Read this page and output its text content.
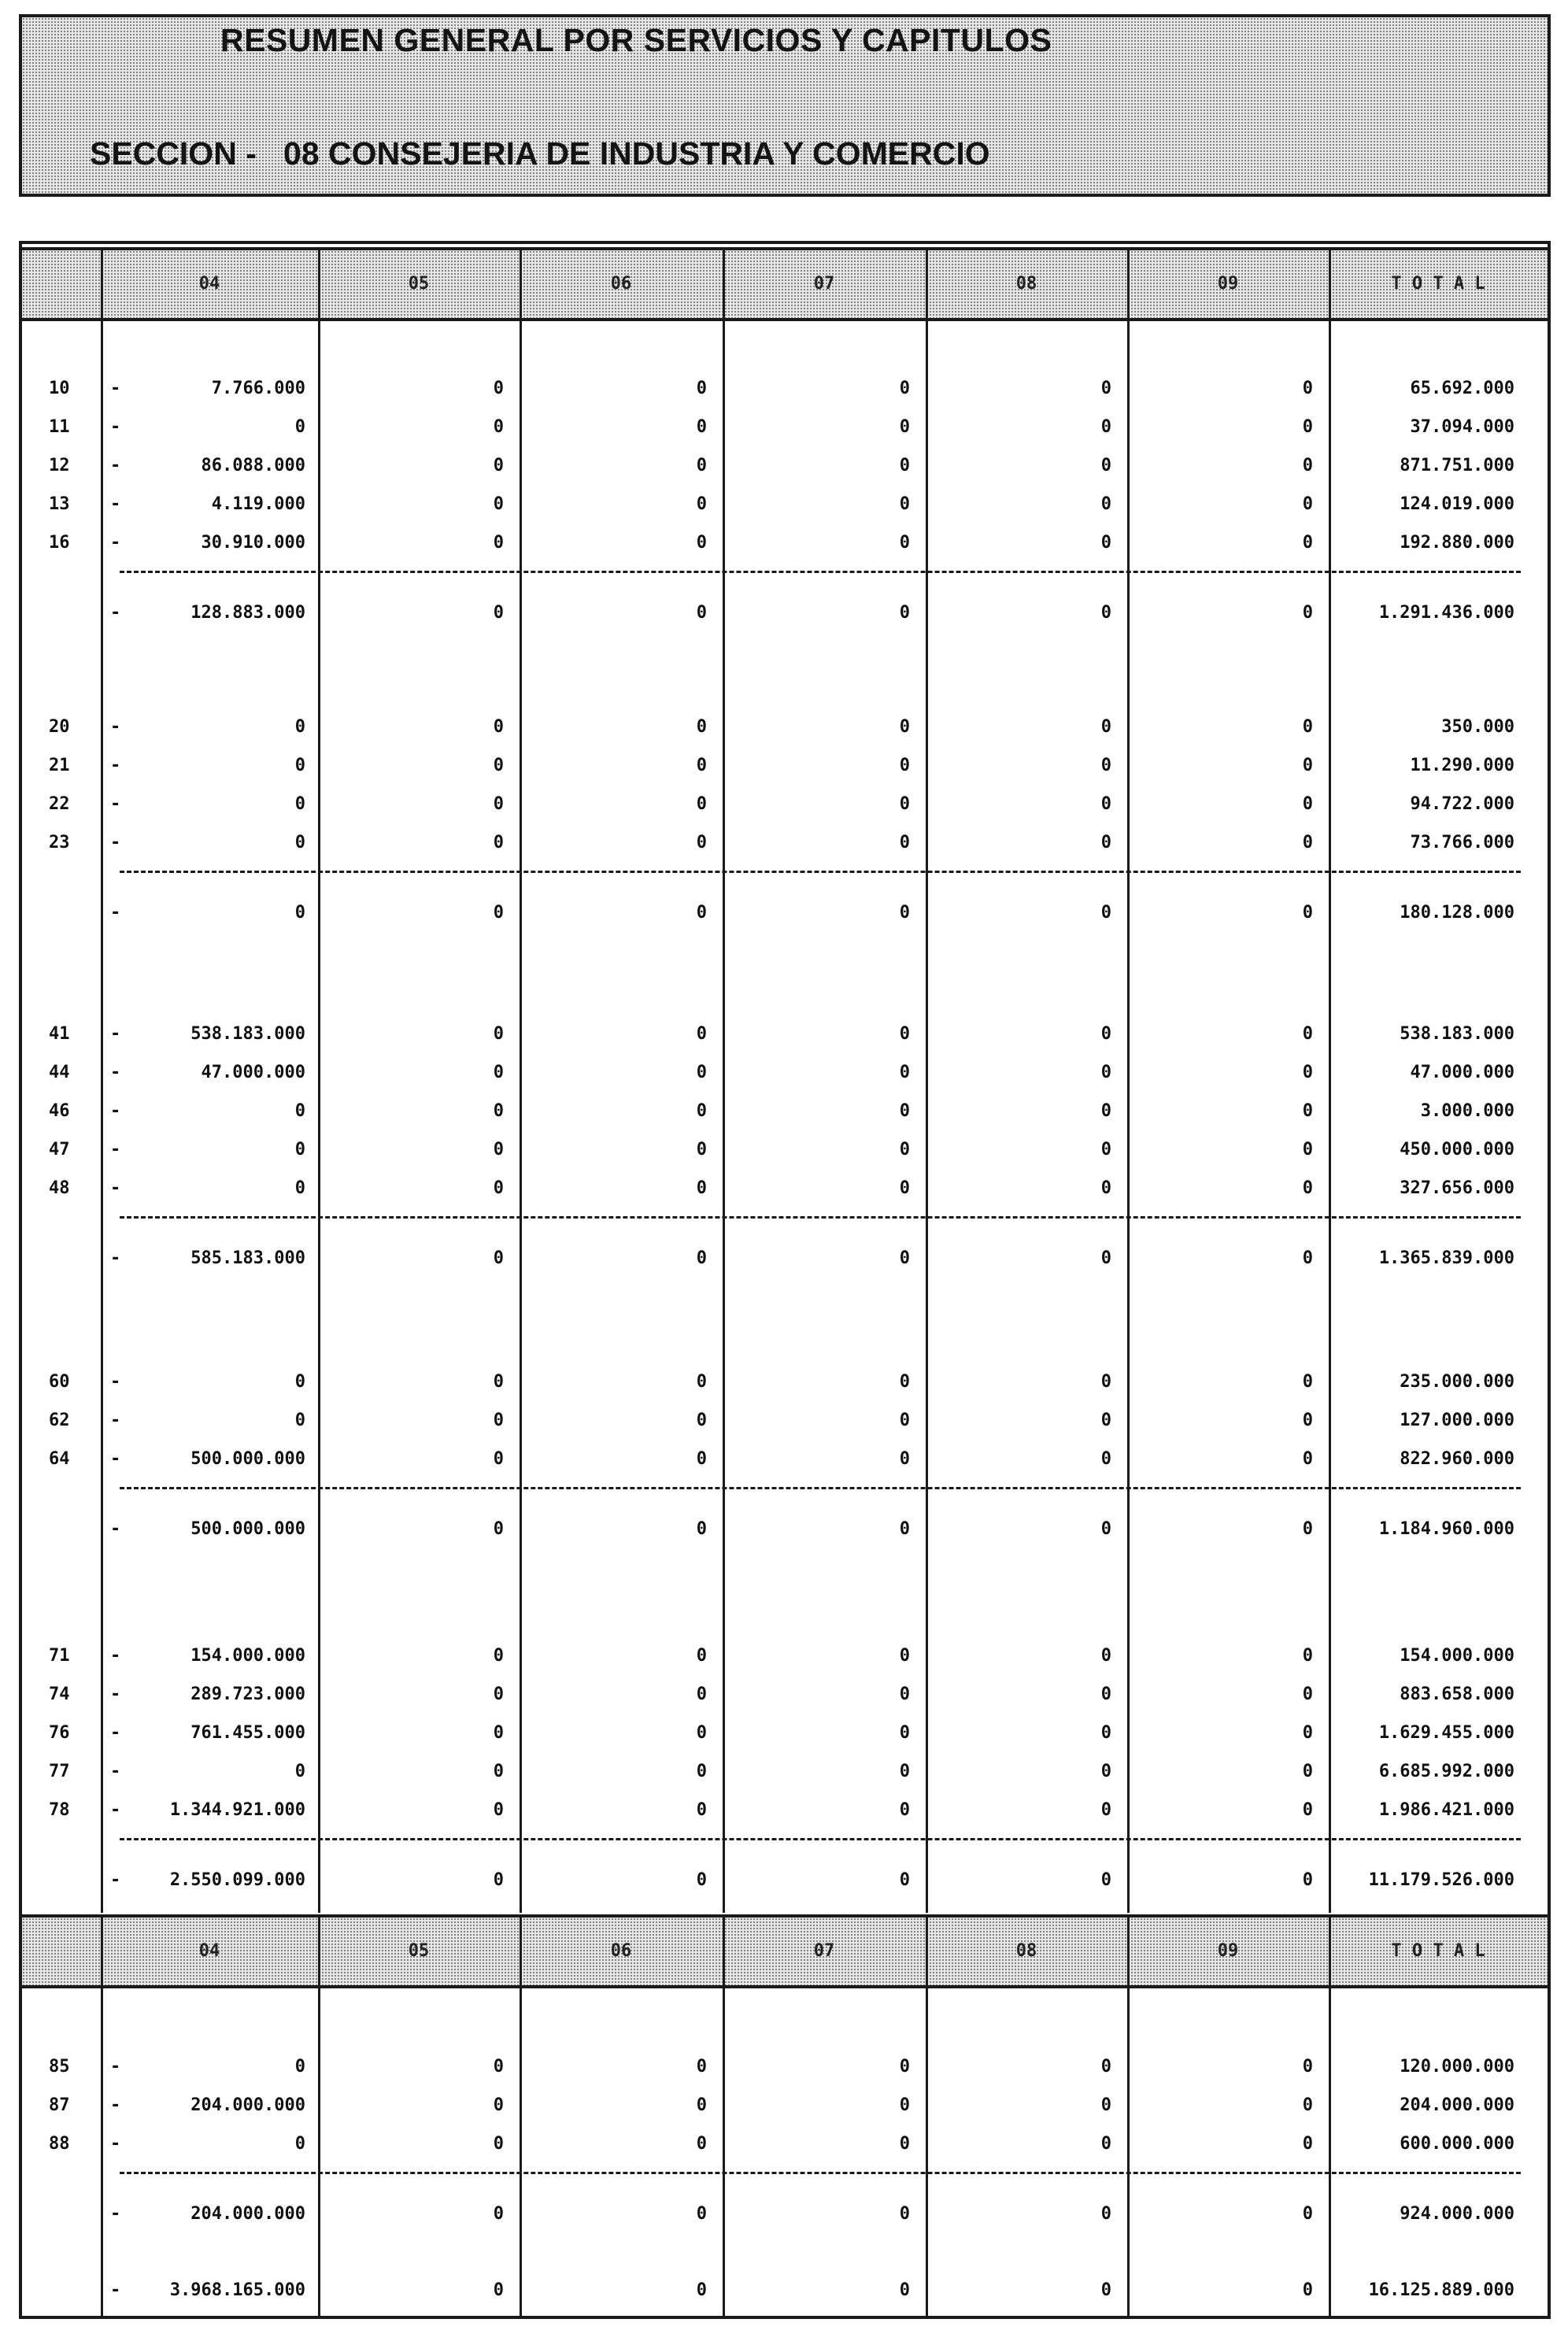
RESUMEN GENERAL POR SERVICIOS Y CAPITULOS
SECCION -   08 CONSEJERIA DE INDUSTRIA Y COMERCIO
04	05	06	07	08	09	T O T A L
04	05	06	07	08	09	T O T A L
10 -	7.766.000	0	0	0	0	0	65.692.000
11 -	0	0	0	0	0	0	37.094.000
12 -	86.088.000	0	0	0	0	0	871.751.000
13 -	4.119.000	0	0	0	0	0	124.019.000
16 -	30.910.000	0	0	0	0	0	192.880.000
-	128.883.000	0	0	0	0	0	1.291.436.000
20 -	0	0	0	0	0	0	350.000
21 -	0	0	0	0	0	0	11.290.000
22 -	0	0	0	0	0	0	94.722.000
23 -	0	0	0	0	0	0	73.766.000
-	0	0	0	0	0	0	180.128.000
41 -	538.183.000	0	0	0	0	0	538.183.000
44 -	47.000.000	0	0	0	0	0	47.000.000
46 -	0	0	0	0	0	0	3.000.000
47 -	0	0	0	0	0	0	450.000.000
48 -	0	0	0	0	0	0	327.656.000
-	585.183.000	0	0	0	0	0	1.365.839.000
60 -	0	0	0	0	0	0	235.000.000
62 -	0	0	0	0	0	0	127.000.000
64 -	500.000.000	0	0	0	0	0	822.960.000
-	500.000.000	0	0	0	0	0	1.184.960.000
71 -	154.000.000	0	0	0	0	0	154.000.000
74 -	289.723.000	0	0	0	0	0	883.658.000
76 -	761.455.000	0	0	0	0	0	1.629.455.000
77 -	0	0	0	0	0	0	6.685.992.000
78 -	1.344.921.000	0	0	0	0	0	1.986.421.000
-	2.550.099.000	0	0	0	0	0	11.179.526.000
85 -	0	0	0	0	0	0	120.000.000
87 -	204.000.000	0	0	0	0	0	204.000.000
88 -	0	0	0	0	0	0	600.000.000
-	204.000.000	0	0	0	0	0	924.000.000
-	3.968.165.000	0	0	0	0	0	16.125.889.000
